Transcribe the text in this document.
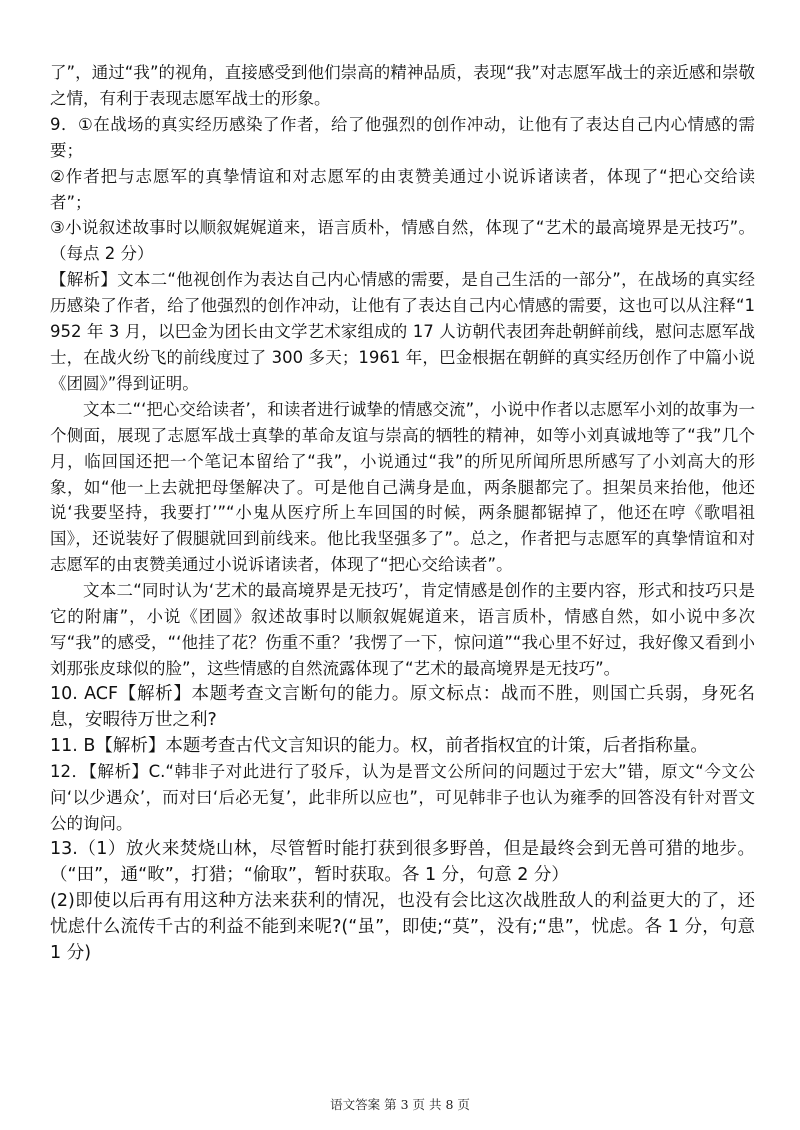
了”，通过“我”的视角，直接感受到他们崇高的精神品质，表现“我”对志愿军战士的亲近感和崇敬之情，有利于表现志愿军战士的形象。

9．①在战场的真实经历感染了作者，给了他强烈的创作冲动，让他有了表达自己内心情感的需要；

②作者把与志愿军的真挚情谊和对志愿军的由衷赞美通过小说诉诸读者，体现了“把心交给读者”；

③小说叙述故事时以顺叙娓娓道来，语言质朴，情感自然，体现了“艺术的最高境界是无技巧”。（每点 2 分）

【解析】文本二“他视创作为表达自己内心情感的需要，是自己生活的一部分”，在战场的真实经历感染了作者，给了他强烈的创作冲动，让他有了表达自己内心情感的需要，这也可以从注释“1952 年 3 月，以巴金为团长由文学艺术家组成的 17 人访朝代表团奔赴朝鲜前线，慰问志愿军战士，在战火纷飞的前线度过了 300 多天；1961 年，巴金根据在朝鲜的真实经历创作了中篇小说《团圆》”得到证明。

文本二“‘把心交给读者’，和读者进行诚挚的情感交流”，小说中作者以志愿军小刘的故事为一个侧面，展现了志愿军战士真挚的革命友谊与崇高的牺牲的精神，如等小刘真诚地等了“我”几个月，临回国还把一个笔记本留给了“我”，小说通过“我”的所见所闻所思所感写了小刘高大的形象，如“他一上去就把母堡解决了。可是他自己满身是血，两条腿都完了。担架员来抬他，他还说‘我要坚持，我要打’”“小鬼从医疗所上车回国的时候，两条腿都锯掉了，他还在哼《歌唱祖国》，还说装好了假腿就回到前线来。他比我坚强多了”。总之，作者把与志愿军的真挚情谊和对志愿军的由衷赞美通过小说诉诸读者，体现了“把心交给读者”。

文本二“同时认为‘艺术的最高境界是无技巧’，肯定情感是创作的主要内容，形式和技巧只是它的附庸”，小说《团圆》叙述故事时以顺叙娓娓道来，语言质朴，情感自然，如小说中多次写“我”的感受，“‘他挂了花？伤重不重？’我愣了一下，惊问道”“我心里不好过，我好像又看到小刘那张皮球似的脸”，这些情感的自然流露体现了“艺术的最高境界是无技巧”。

10. ACF【解析】本题考查文言断句的能力。原文标点：战而不胜，则国亡兵弱，身死名息，安暇待万世之利?

11. B【解析】本题考查古代文言知识的能力。权，前者指权宜的计策，后者指称量。

12．【解析】C.“韩非子对此进行了驳斥，认为是晋文公所问的问题过于宏大”错，原文“今文公问‘以少遇众’，而对曰‘后必无复’，此非所以应也”，可见韩非子也认为雍季的回答没有针对晋文公的询问。

13.（1）放火来焚烧山林，尽管暂时能打获到很多野兽，但是最终会到无兽可猎的地步。（“田”，通“畋”，打猎；“偷取”，暂时获取。各 1 分，句意 2 分）

(2)即使以后再有用这种方法来获利的情况，也没有会比这次战胜敌人的利益更大的了，还忧虑什么流传千古的利益不能到来呢?(“虽”，即使;“莫”，没有;“患”，忧虑。各 1 分，句意 1 分)

语文答案 第 3 页 共 8 页
